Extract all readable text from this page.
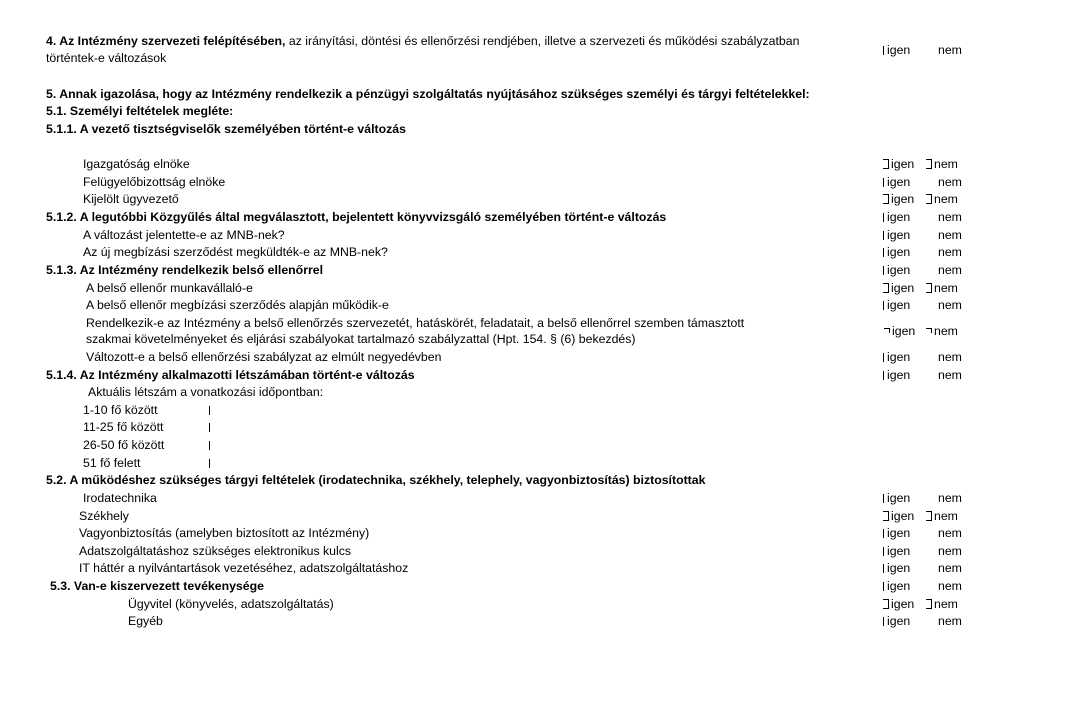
4. Az Intézmény szervezeti felépítésében, az irányítási, döntési és ellenőrzési rendjében, illetve a szervezeti és működési szabályzatban
történtek-e változások
igen nem
5. Annak igazolása, hogy az Intézmény rendelkezik a pénzügyi szolgáltatás nyújtásához szükséges személyi és tárgyi feltételekkel:
5.1. Személyi feltételek megléte:
5.1.1. A vezető tisztségviselők személyében történt-e változás
Igazgatóság elnöke	igen	nem
Felügyelőbizottság elnöke	igen nem
Kijelölt ügyvezető	igen	nem
5.1.2. A legutóbbi Közgyűlés által megválasztott, bejelentett könyvvizsgáló személyében történt-e változás	igen nem
A változást jelentette-e az MNB-nek?	igen nem
Az új megbízási szerződést megküldték-e az MNB-nek?	igen nem
5.1.3. Az Intézmény rendelkezik belső ellenőrrel	igen nem
A belső ellenőr munkavállaló-e	igen	nem
A belső ellenőr megbízási szerződés alapján működik-e	igen nem
Rendelkezik-e az Intézmény a belső ellenőrzés szervezetét, hatáskörét, feladatait, a belső ellenőrrel szemben támasztott
szakmai követelményeket és eljárási szabályokat tartalmazó szabályzattal (Hpt. 154. § (6) bekezdés)
igen	nem
Változott-e a belső ellenőrzési szabályzat az elmúlt negyedévben	igen nem
5.1.4. Az Intézmény alkalmazotti létszámában történt-e változás	igen nem
Aktuális létszám a vonatkozási időpontban:
1-10 fő között
11-25 fő között
26-50 fő között
51 fő felett
5.2. A működéshez szükséges tárgyi feltételek (irodatechnika, székhely, telephely, vagyonbiztosítás) biztosítottak
Irodatechnika	igen nem
Székhely	igen	nem
Vagyonbiztosítás (amelyben biztosított az Intézmény)	igen nem
Adatszolgáltatáshoz szükséges elektronikus kulcs	igen nem
IT háttér a nyilvántartások vezetéséhez, adatszolgáltatáshoz	igen nem
5.3. Van-e kiszervezett tevékenysége	igen nem
Ügyvitel (könyvelés, adatszolgáltatás)	igen	nem
Egyéb	igen nem
